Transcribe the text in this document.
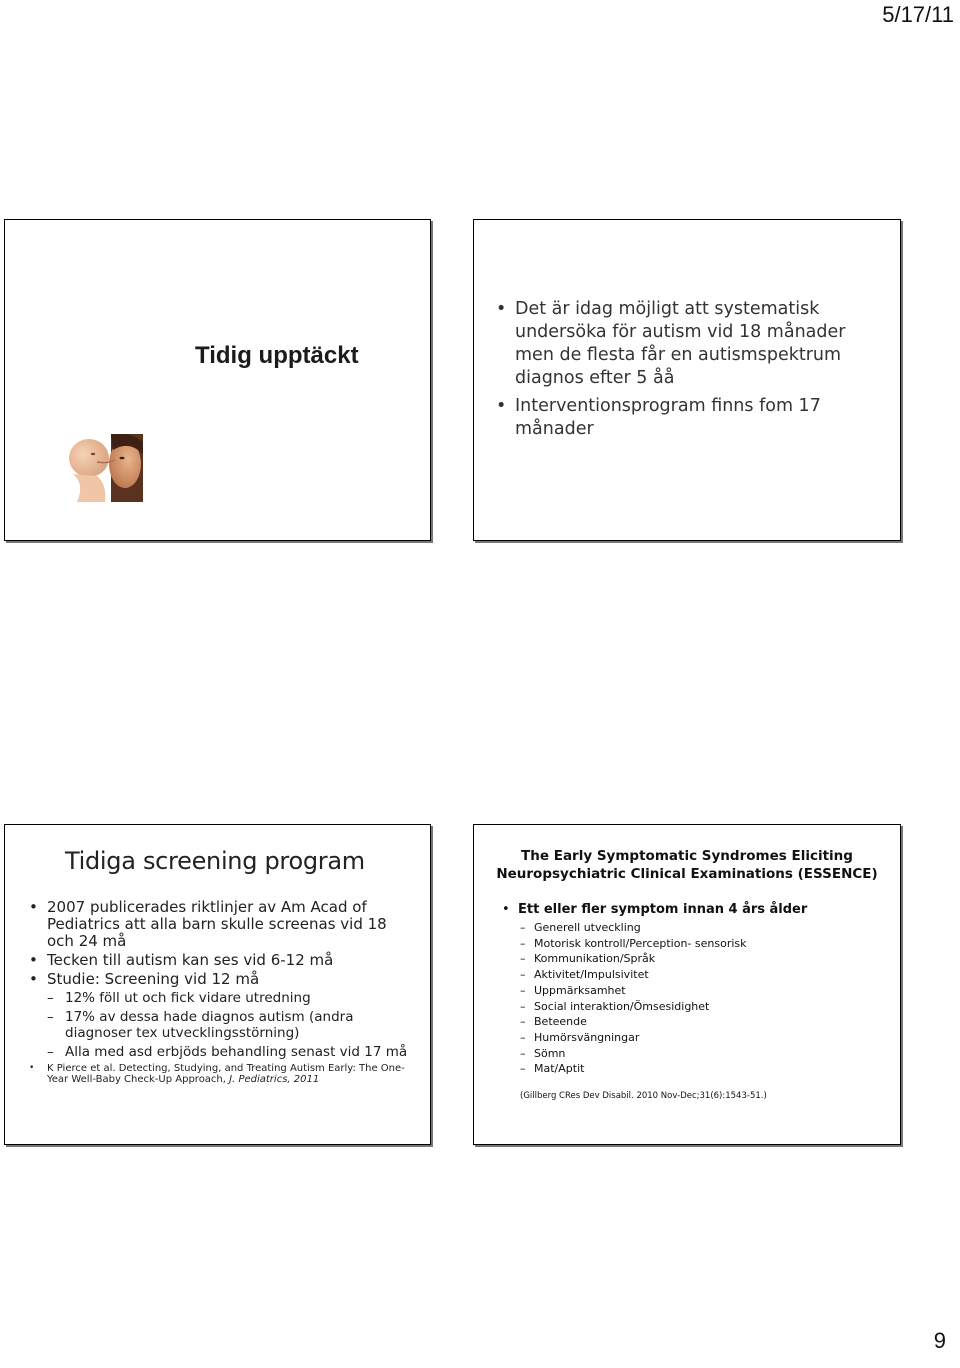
5/17/11
Tidig upptäckt
• Det är idag möjligt att systematisk undersöka för autism vid 18 månader men de flesta får en autismspektrum diagnos efter 5 åå
• Interventionsprogram finns fom 17 månader
Tidiga screening program
• 2007 publicerades riktlinjer av Am Acad of Pediatrics att alla barn skulle screenas vid 18 och 24 må
• Tecken till autism kan ses vid 6-12 må
• Studie: Screening vid 12 må
– 12% föll ut och fick vidare utredning
– 17% av dessa hade diagnos autism (andra diagnoser tex utvecklingsstörning)
– Alla med asd erbjöds behandling senast vid 17 må
• K Pierce et al. Detecting, Studying, and Treating Autism Early: The One-Year Well-Baby Check-Up Approach, J. Pediatrics, 2011
The Early Symptomatic Syndromes Eliciting Neuropsychiatric Clinical Examinations (ESSENCE)
• Ett eller fler symptom innan 4 års ålder
– Generell utveckling
– Motorisk kontroll/Perception- sensorisk
– Kommunikation/Språk
– Aktivitet/Impulsivitet
– Uppmärksamhet
– Social interaktion/Ömsesidighet
– Beteende
– Humörsvängningar
– Sömn
– Mat/Aptit
(Gillberg CRes Dev Disabil. 2010 Nov-Dec;31(6):1543-51.)
9
